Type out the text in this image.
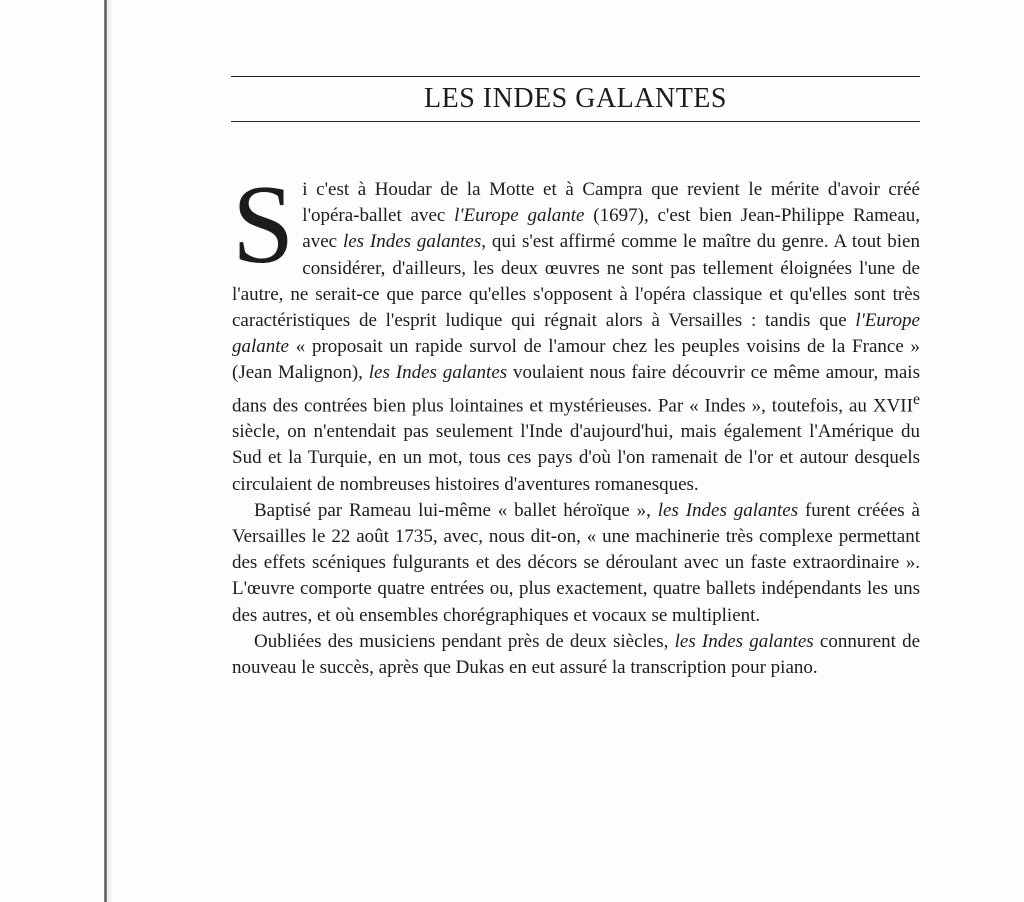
LES INDES GALANTES

Si c'est à Houdar de la Motte et à Campra que revient le mérite d'avoir créé l'opéra-ballet avec l'Europe galante (1697), c'est bien Jean-Philippe Rameau, avec les Indes galantes, qui s'est affirmé comme le maître du genre. A tout bien considérer, d'ailleurs, les deux œuvres ne sont pas tellement éloignées l'une de l'autre, ne serait-ce que parce qu'elles s'opposent à l'opéra classique et qu'elles sont très caractéristiques de l'esprit ludique qui régnait alors à Versailles : tandis que l'Europe galante « proposait un rapide survol de l'amour chez les peuples voisins de la France » (Jean Malignon), les Indes galantes voulaient nous faire découvrir ce même amour, mais dans des contrées bien plus lointaines et mystérieuses. Par « Indes », toutefois, au XVIIe siècle, on n'entendait pas seulement l'Inde d'aujourd'hui, mais également l'Amérique du Sud et la Turquie, en un mot, tous ces pays d'où l'on ramenait de l'or et autour desquels circulaient de nombreuses histoires d'aventures romanesques.

Baptisé par Rameau lui-même « ballet héroïque », les Indes galantes furent créées à Versailles le 22 août 1735, avec, nous dit-on, « une machinerie très complexe permettant des effets scéniques fulgurants et des décors se déroulant avec un faste extraordinaire ». L'œuvre comporte quatre entrées ou, plus exactement, quatre ballets indépendants les uns des autres, et où ensembles chorégraphiques et vocaux se multiplient.

Oubliées des musiciens pendant près de deux siècles, les Indes galantes connurent de nouveau le succès, après que Dukas en eut assuré la transcription pour piano.
